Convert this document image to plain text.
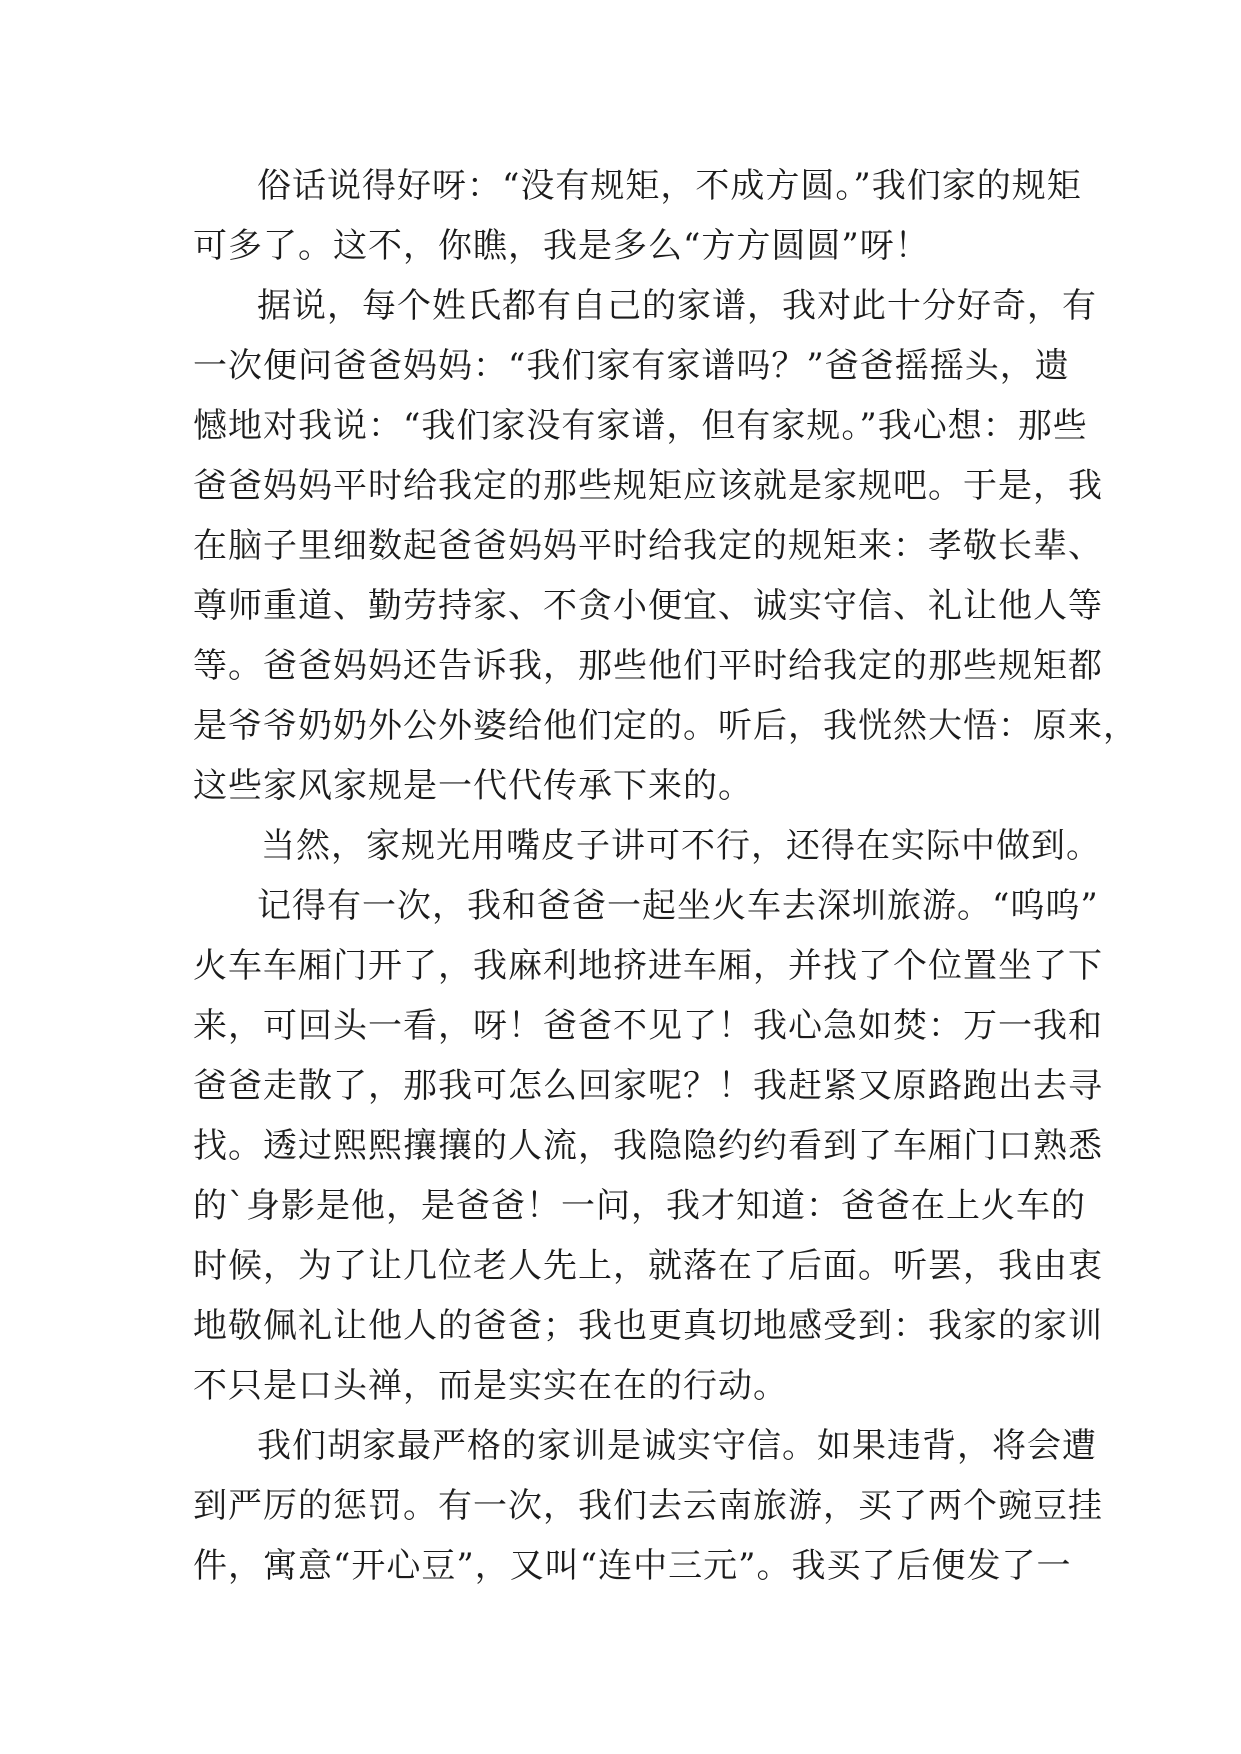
俗话说得好呀：“没有规矩，不成方圆。”我们家的规矩
可多了。这不，你瞧，我是多么“方方圆圆”呀！
据说，每个姓氏都有自己的家谱，我对此十分好奇，有
一次便问爸爸妈妈：“我们家有家谱吗？”爸爸摇摇头，遗
憾地对我说：“我们家没有家谱，但有家规。”我心想：那些
爸爸妈妈平时给我定的那些规矩应该就是家规吧。于是，我
在脑子里细数起爸爸妈妈平时给我定的规矩来：孝敬长辈、
尊师重道、勤劳持家、不贪小便宜、诚实守信、礼让他人等
等。爸爸妈妈还告诉我，那些他们平时给我定的那些规矩都
是爷爷奶奶外公外婆给他们定的。听后，我恍然大悟：原来，
这些家风家规是一代代传承下来的。
当然，家规光用嘴皮子讲可不行，还得在实际中做到。
记得有一次，我和爸爸一起坐火车去深圳旅游。“呜呜”
火车车厢门开了，我麻利地挤进车厢，并找了个位置坐了下
来，可回头一看，呀！爸爸不见了！我心急如焚：万一我和
爸爸走散了，那我可怎么回家呢？！我赶紧又原路跑出去寻
找。透过熙熙攘攘的人流，我隐隐约约看到了车厢门口熟悉
的`身影是他，是爸爸！一问，我才知道：爸爸在上火车的
时候，为了让几位老人先上，就落在了后面。听罢，我由衷
地敬佩礼让他人的爸爸；我也更真切地感受到：我家的家训
不只是口头禅，而是实实在在的行动。
我们胡家最严格的家训是诚实守信。如果违背，将会遭
到严厉的惩罚。有一次，我们去云南旅游，买了两个豌豆挂
件，寓意“开心豆”，又叫“连中三元”。我买了后便发了一
